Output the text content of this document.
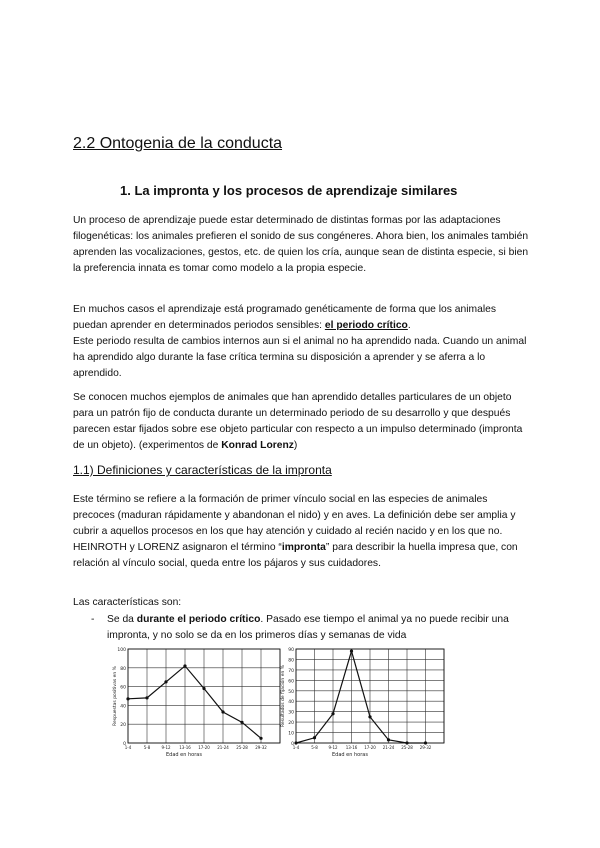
2.2 Ontogenia de la conducta
1. La impronta y los procesos de aprendizaje similares

Un proceso de aprendizaje puede estar determinado de distintas formas por las adaptaciones filogenéticas: los animales prefieren el sonido de sus congéneres. Ahora bien, los animales también aprenden las vocalizaciones, gestos, etc. de quien los cría, aunque sean de distinta especie, si bien la preferencia innata es tomar como modelo a la propia especie.

En muchos casos el aprendizaje está programado genéticamente de forma que los animales puedan aprender en determinados periodos sensibles: el periodo crítico.
Este periodo resulta de cambios internos aun si el animal no ha aprendido nada. Cuando un animal ha aprendido algo durante la fase crítica termina su disposición a aprender y se aferra a lo aprendido.

Se conocen muchos ejemplos de animales que han aprendido detalles particulares de un objeto para un patrón fijo de conducta durante un determinado periodo de su desarrollo y que después parecen estar fijados sobre ese objeto particular con respecto a un impulso determinado (impronta de un objeto). (experimentos de Konrad Lorenz)

1.1) Definiciones y características de la impronta

Este término se refiere a la formación de primer vínculo social en las especies de animales precoces (maduran rápidamente y abandonan el nido) y en aves. La definición debe ser amplia y cubrir a aquellos procesos en los que hay atención y cuidado al recién nacido y en los que no.
HEINROTH y LORENZ asignaron el término “impronta” para describir la huella impresa que, con relación al vínculo social, queda entre los pájaros y sus cuidadores.

Las características son:

- Se da durante el periodo crítico. Pasado ese tiempo el animal ya no puede recibir una impronta, y no solo se da en los primeros días y semanas de vida
0
20
40
60
80
100
1-4	5-8	9-12 13-16 17-20 21-24 25-28 29-32
Edad en horas
Respuestas positivas en %
0
10
20
30
40
50
60
70
80
90
1-4	5-8	9-12 13-16 17-20 21-24 25-28 29-32
Edad en horas
Resultados de fijación en %
